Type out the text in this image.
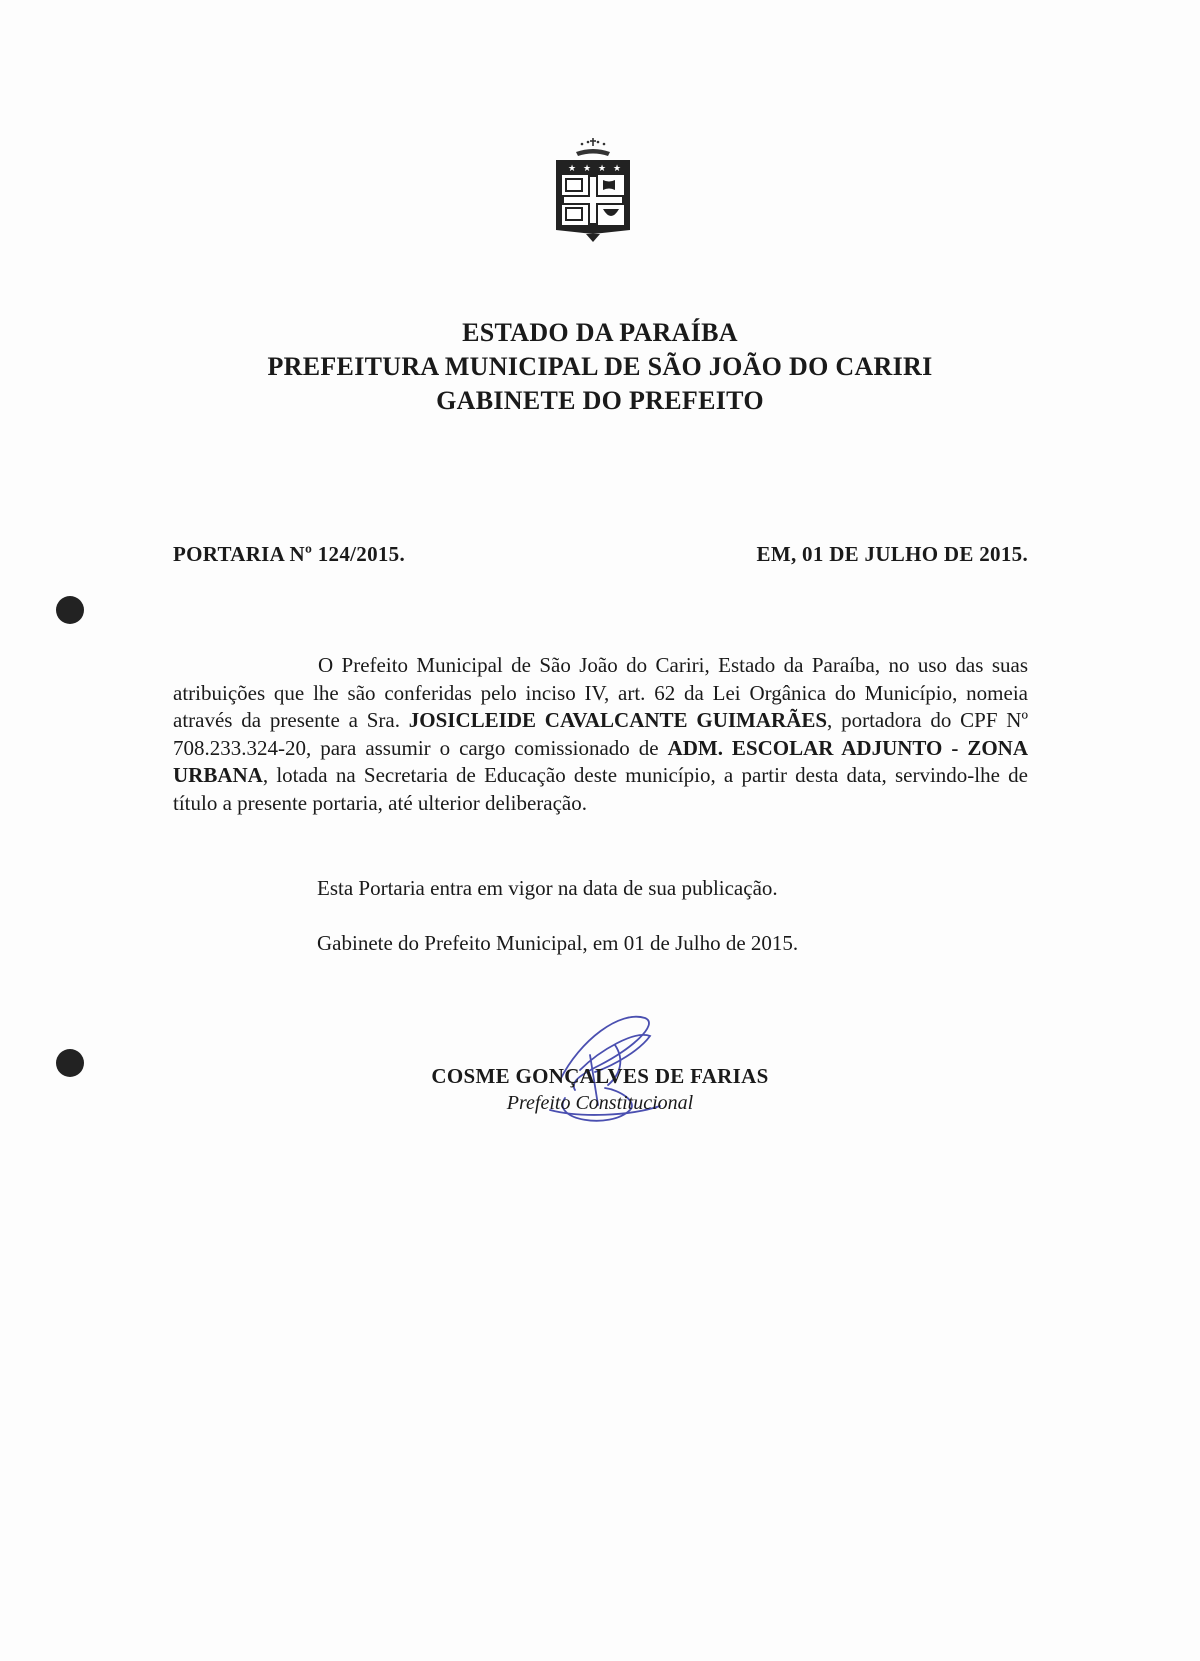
★ ★ ★ ★
ESTADO DA PARAÍBA
PREFEITURA MUNICIPAL DE SÃO JOÃO DO CARIRI
GABINETE DO PREFEITO
PORTARIA Nº 124/2015.	EM, 01 DE JULHO DE 2015.
O Prefeito Municipal de São João do Cariri, Estado da Paraíba, no uso das suas atribuições que lhe são conferidas pelo inciso IV, art. 62 da Lei Orgânica do Município, nomeia através da presente a Sra. JOSICLEIDE CAVALCANTE GUIMARÃES, portadora do CPF Nº 708.233.324-20, para assumir o cargo comissionado de ADM. ESCOLAR ADJUNTO - ZONA URBANA, lotada na Secretaria de Educação deste município, a partir desta data, servindo-lhe de título a presente portaria, até ulterior deliberação.
Esta Portaria entra em vigor na data de sua publicação.
Gabinete do Prefeito Municipal, em 01 de Julho de 2015.
COSME GONÇALVES DE FARIAS
Prefeito Constitucional
